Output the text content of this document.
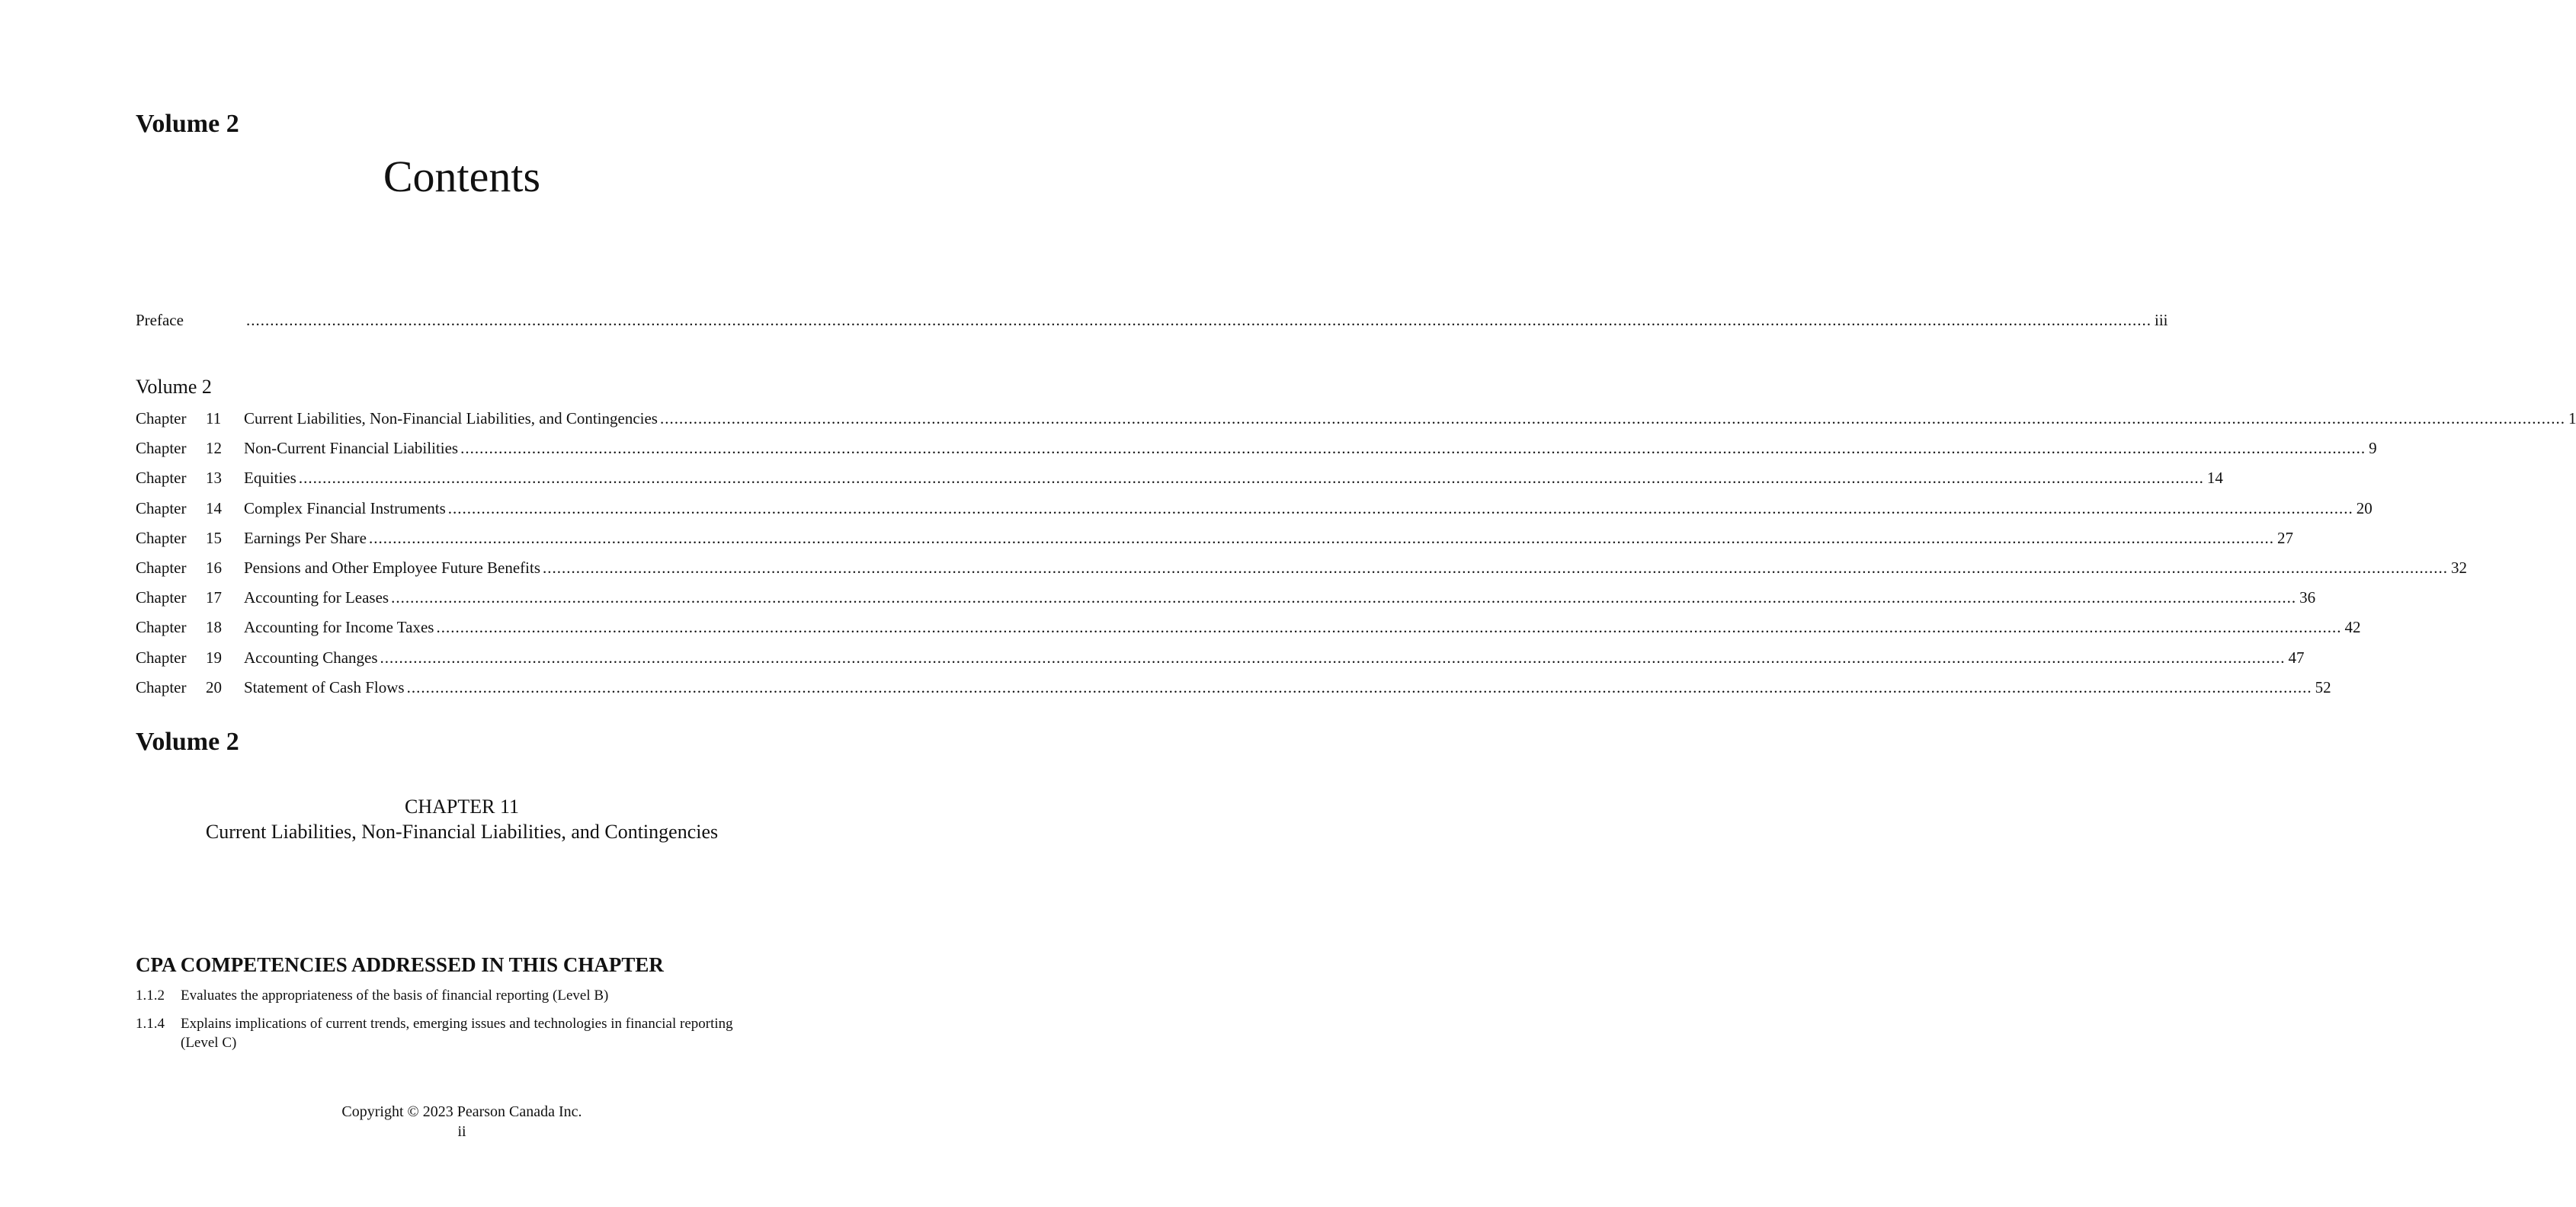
Volume 2
Contents
Preface	................................................................................................................................................................................................................................................................................................................................................................................................................ iii
Volume 2
Chapter 11 Current Liabilities, Non-Financial Liabilities, and Contingencies ................................................................................................................................................................................................................................................................................................................................................................................................................ 1
Chapter 12 Non-Current Financial Liabilities ................................................................................................................................................................................................................................................................................................................................................................................................................ 9
Chapter 13 Equities ................................................................................................................................................................................................................................................................................................................................................................................................................ 14
Chapter 14 Complex Financial Instruments ................................................................................................................................................................................................................................................................................................................................................................................................................ 20
Chapter 15 Earnings Per Share ................................................................................................................................................................................................................................................................................................................................................................................................................ 27
Chapter 16 Pensions and Other Employee Future Benefits ................................................................................................................................................................................................................................................................................................................................................................................................................ 32
Chapter 17 Accounting for Leases ................................................................................................................................................................................................................................................................................................................................................................................................................ 36
Chapter 18 Accounting for Income Taxes ................................................................................................................................................................................................................................................................................................................................................................................................................ 42
Chapter 19 Accounting Changes ................................................................................................................................................................................................................................................................................................................................................................................................................ 47
Chapter 20 Statement of Cash Flows ................................................................................................................................................................................................................................................................................................................................................................................................................ 52
Volume 2
CHAPTER 11
Current Liabilities, Non-Financial Liabilities, and Contingencies
CPA COMPETENCIES ADDRESSED IN THIS CHAPTER
1.1.2 Evaluates the appropriateness of the basis of financial reporting (Level B)
1.1.4 Explains implications of current trends, emerging issues and technologies in financial reporting (Level C)
Copyright © 2023 Pearson Canada Inc.
ii
